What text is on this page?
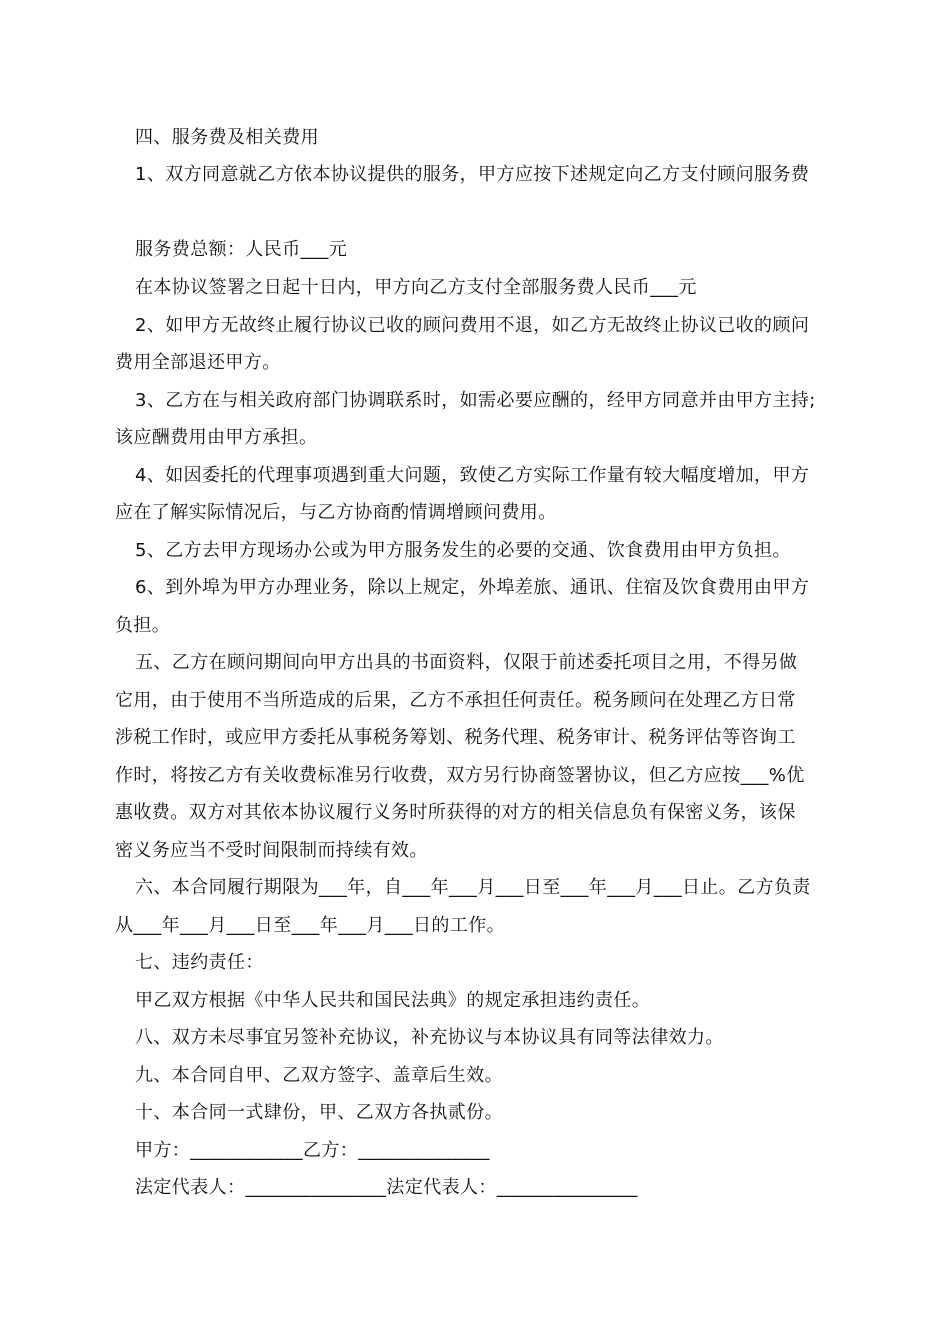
四、服务费及相关费用
1、双方同意就乙方依本协议提供的服务，甲方应按下述规定向乙方支付顾问服务费
服务费总额：人民币___元
在本协议签署之日起十日内，甲方向乙方支付全部服务费人民币___元
2、如甲方无故终止履行协议已收的顾问费用不退，如乙方无故终止协议已收的顾问
费用全部退还甲方。
3、乙方在与相关政府部门协调联系时，如需必要应酬的，经甲方同意并由甲方主持;
该应酬费用由甲方承担。
4、如因委托的代理事项遇到重大问题，致使乙方实际工作量有较大幅度增加，甲方
应在了解实际情况后，与乙方协商酌情调增顾问费用。
5、乙方去甲方现场办公或为甲方服务发生的必要的交通、饮食费用由甲方负担。
6、到外埠为甲方办理业务，除以上规定，外埠差旅、通讯、住宿及饮食费用由甲方
负担。
五、乙方在顾问期间向甲方出具的书面资料，仅限于前述委托项目之用，不得另做
它用，由于使用不当所造成的后果，乙方不承担任何责任。税务顾问在处理乙方日常
涉税工作时，或应甲方委托从事税务筹划、税务代理、税务审计、税务评估等咨询工
作时，将按乙方有关收费标准另行收费，双方另行协商签署协议，但乙方应按___%优
惠收费。双方对其依本协议履行义务时所获得的对方的相关信息负有保密义务，该保
密义务应当不受时间限制而持续有效。
六、本合同履行期限为___年，自___年___月___日至___年___月___日止。乙方负责
从___年___月___日至___年___月___日的工作。
七、违约责任：
甲乙双方根据《中华人民共和国民法典》的规定承担违约责任。
八、双方未尽事宜另签补充协议，补充协议与本协议具有同等法律效力。
九、本合同自甲、乙双方签字、盖章后生效。
十、本合同一式肆份，甲、乙双方各执贰份。
甲方：____________乙方：______________
法定代表人：_______________法定代表人：_______________
